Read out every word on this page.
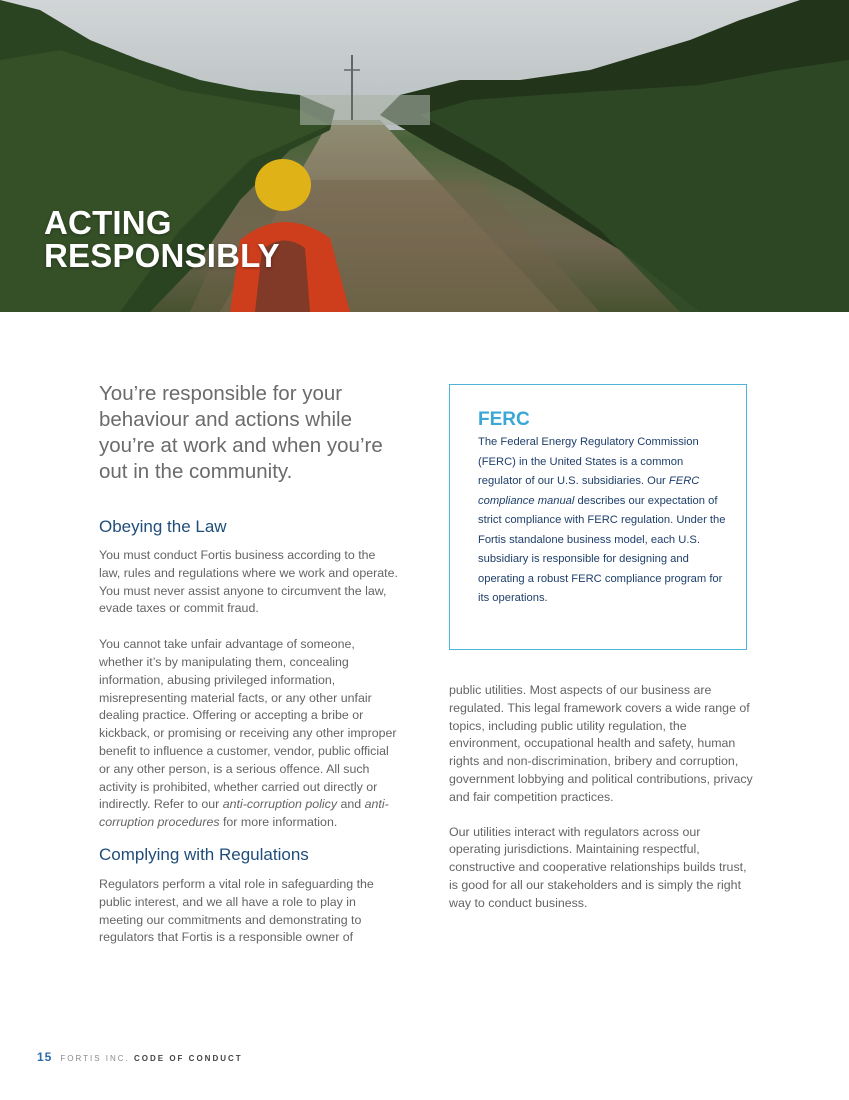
ACTING
RESPONSIBLY

You’re responsible for your behaviour and actions while you’re at work and when you’re out in the community.

Obeying the Law

You must conduct Fortis business according to the law, rules and regulations where we work and operate. You must never assist anyone to circumvent the law, evade taxes or commit fraud.

You cannot take unfair advantage of someone, whether it’s by manipulating them, concealing information, abusing privileged information, misrepresenting material facts, or any other unfair dealing practice. Offering or accepting a bribe or kickback, or promising or receiving any other improper benefit to influence a customer, vendor, public official or any other person, is a serious offence. All such activity is prohibited, whether carried out directly or indirectly. Refer to our anti-corruption policy and anti-corruption procedures for more information.

Complying with Regulations

Regulators perform a vital role in safeguarding the public interest, and we all have a role to play in meeting our commitments and demonstrating to regulators that Fortis is a responsible owner of

FERC

The Federal Energy Regulatory Commission (FERC) in the United States is a common regulator of our U.S. subsidiaries. Our FERC compliance manual describes our expectation of strict compliance with FERC regulation. Under the Fortis standalone business model, each U.S. subsidiary is responsible for designing and operating a robust FERC compliance program for its operations.

public utilities. Most aspects of our business are regulated. This legal framework covers a wide range of topics, including public utility regulation, the environment, occupational health and safety, human rights and non-discrimination, bribery and corruption, government lobbying and political contributions, privacy and fair competition practices.

Our utilities interact with regulators across our operating jurisdictions. Maintaining respectful, constructive and cooperative relationships builds trust, is good for all our stakeholders and is simply the right way to conduct business.

15 FORTIS INC. CODE OF CONDUCT
